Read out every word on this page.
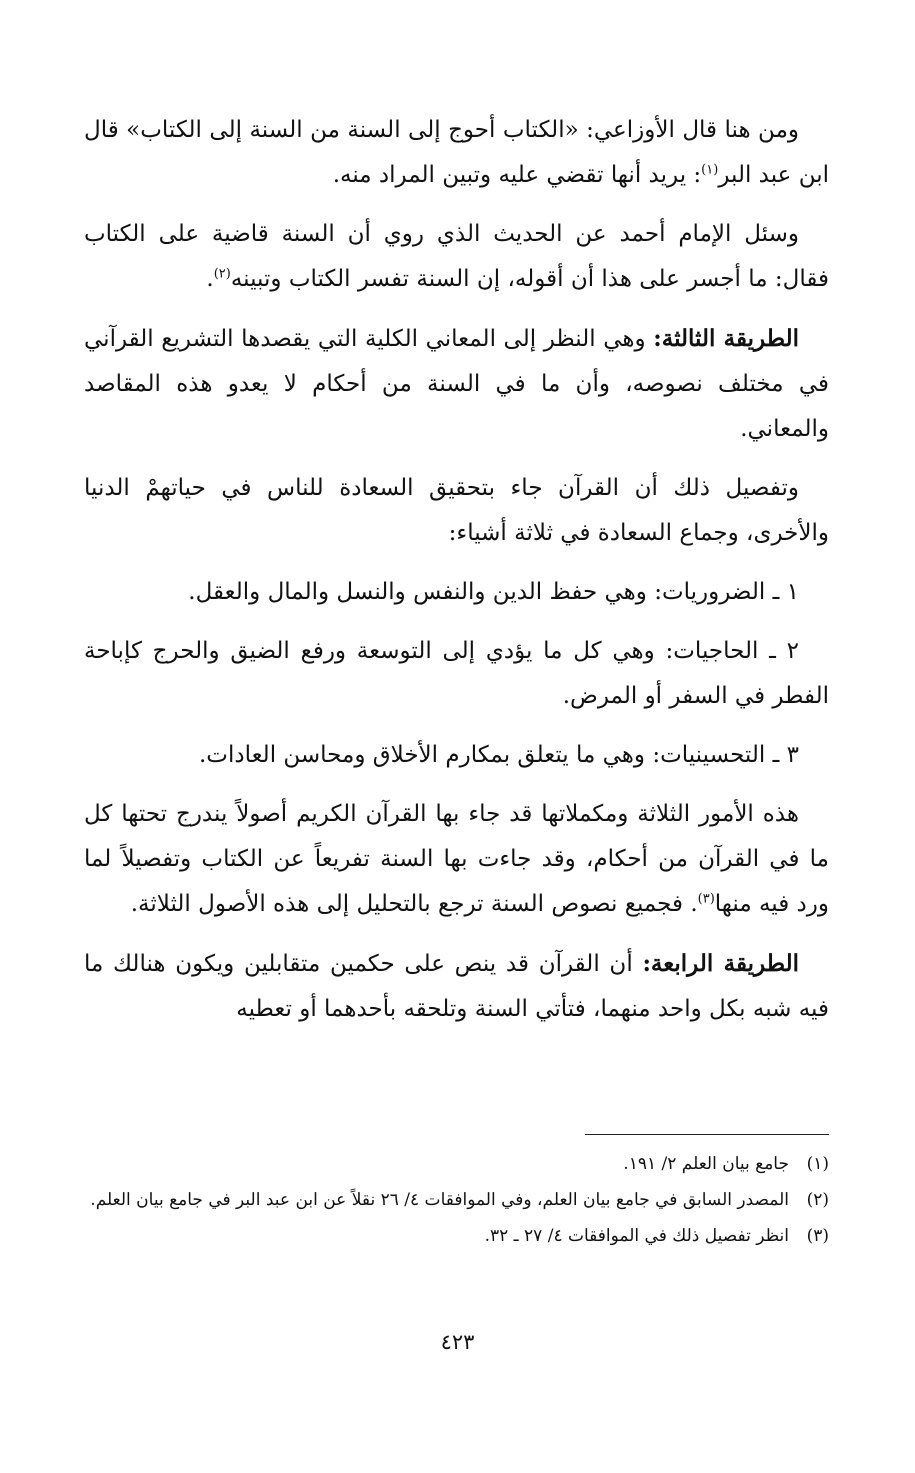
ومن هنا قال الأوزاعي: «الكتاب أحوج إلى السنة من السنة إلى الكتاب» قال ابن عبد البر$^{(١)}$: يريد أنها تقضي عليه وتبين المراد منه.

وسئل الإمام أحمد عن الحديث الذي روي أن السنة قاضية على الكتاب فقال: ما أجسر على هذا أن أقوله، إن السنة تفسر الكتاب وتبينه$^{(٢)}$.

الطريقة الثالثة: وهي النظر إلى المعاني الكلية التي يقصدها التشريع القرآني في مختلف نصوصه، وأن ما في السنة من أحكام لا يعدو هذه المقاصد والمعاني.

وتفصيل ذلك أن القرآن جاء بتحقيق السعادة للناس في حياتهمْ الدنيا والأخرى، وجماع السعادة في ثلاثة أشياء:

١ ـ الضروريات: وهي حفظ الدين والنفس والنسل والمال والعقل.

٢ ـ الحاجيات: وهي كل ما يؤدي إلى التوسعة ورفع الضيق والحرج كإباحة الفطر في السفر أو المرض.

٣ ـ التحسينيات: وهي ما يتعلق بمكارم الأخلاق ومحاسن العادات.

هذه الأمور الثلاثة ومكملاتها قد جاء بها القرآن الكريم أصولاً يندرج تحتها كل ما في القرآن من أحكام، وقد جاءت بها السنة تفريعاً عن الكتاب وتفصيلاً لما ورد فيه منها$^{(٣)}$. فجميع نصوص السنة ترجع بالتحليل إلى هذه الأصول الثلاثة.

الطريقة الرابعة: أن القرآن قد ينص على حكمين متقابلين ويكون هنالك ما فيه شبه بكل واحد منهما، فتأتي السنة وتلحقه بأحدهما أو تعطيه

(١)
جامع بيان العلم ٢/ ١٩١.
(٢)
المصدر السابق في جامع بيان العلم، وفي الموافقات ٤/ ٢٦ نقلاً عن ابن عبد البر في جامع بيان العلم.
(٣)
انظر تفصيل ذلك في الموافقات ٤/ ٢٧ ـ ٣٢.
٤٢٣
